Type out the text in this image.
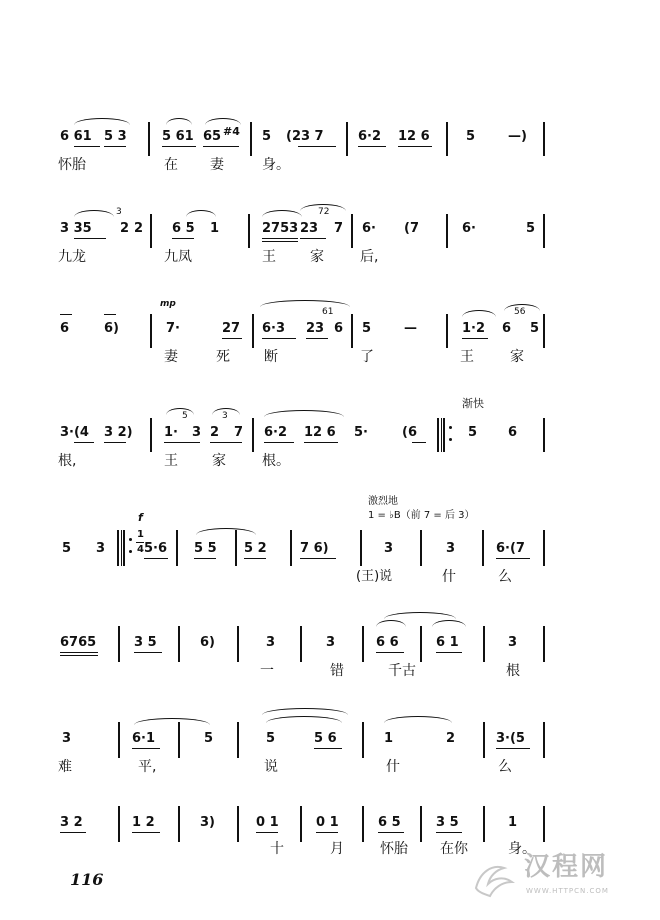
6 61 5 3	5 61 65 #4 5 (23 7	6·2 12 6	5	—)
怀胎	在 妻	身。
3 35 2
3
2 6 5 1	2753 23
72
7 6· (7	6·	5
九龙	九凤	王 家	后,
mp
6	6)	7·	27 6·3 23
61
6 5	—	1·2 6
56
5
妻	死 断	了	王	家
渐快
3·(4 3 2) 1·
5
3 2
3
7 6·2 12 6 5·	(6	5 6
根,	王 家	根。
激烈地
1 = ♭B（前 7 = 后 3）
f
5 3
1
4 5·6 5 5 5 2	7 6)	3	3	6·(7
(王)说	什	么
6765	3 5	6)	3	3	6 6	6 1	3
一	错	千古	根
3	6·1	5	5	5 6	1	2	3·(5
难	平,	说	什	么
3 2	1 2	3)	0 1	0 1	6 5	3 5	1
十	月	怀胎 在你	身。
116	汉程网
WWW.HTTPCN.COM
